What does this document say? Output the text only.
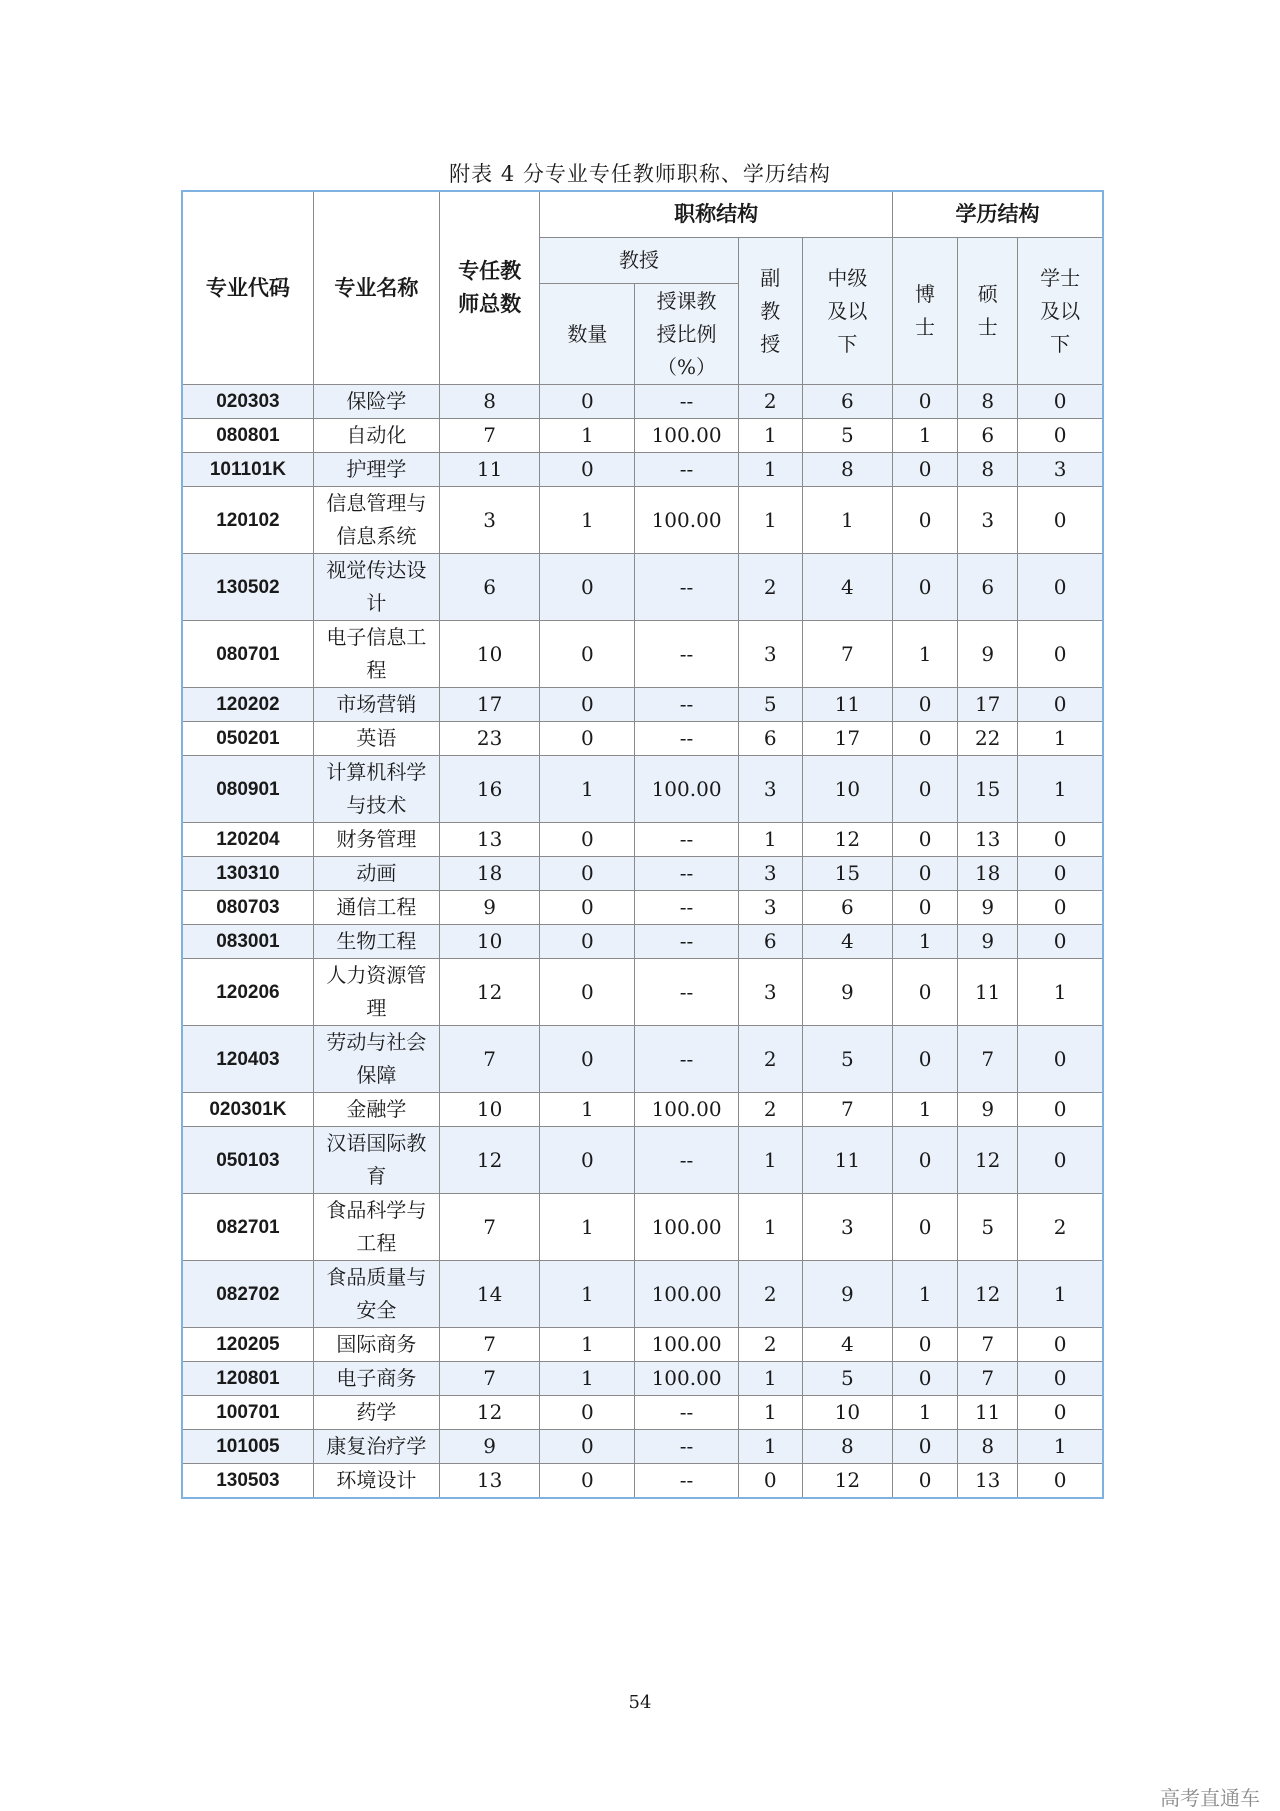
附表 4 分专业专任教师职称、学历结构
专业代码	专业名称	专任教师总数	职称结构				学历结构		
			教授		副教授	中级及以下	博士	硕士	学士及以下
			数量	授课教授比例（%）					
020303	保险学	8	0	--	2	6	0	8	0
080801	自动化	7	1	100.00	1	5	1	6	0
101101K	护理学	11	0	--	1	8	0	8	3
120102	信息管理与信息系统	3	1	100.00	1	1	0	3	0
130502	视觉传达设计	6	0	--	2	4	0	6	0
080701	电子信息工程	10	0	--	3	7	1	9	0
120202	市场营销	17	0	--	5	11	0	17	0
050201	英语	23	0	--	6	17	0	22	1
080901	计算机科学与技术	16	1	100.00	3	10	0	15	1
120204	财务管理	13	0	--	1	12	0	13	0
130310	动画	18	0	--	3	15	0	18	0
080703	通信工程	9	0	--	3	6	0	9	0
083001	生物工程	10	0	--	6	4	1	9	0
120206	人力资源管理	12	0	--	3	9	0	11	1
120403	劳动与社会保障	7	0	--	2	5	0	7	0
020301K	金融学	10	1	100.00	2	7	1	9	0
050103	汉语国际教育	12	0	--	1	11	0	12	0
082701	食品科学与工程	7	1	100.00	1	3	0	5	2
082702	食品质量与安全	14	1	100.00	2	9	1	12	1
120205	国际商务	7	1	100.00	2	4	0	7	0
120801	电子商务	7	1	100.00	1	5	0	7	0
100701	药学	12	0	--	1	10	1	11	0
101005	康复治疗学	9	0	--	1	8	0	8	1
130503	环境设计	13	0	--	0	12	0	13	0
54
高考直通车
